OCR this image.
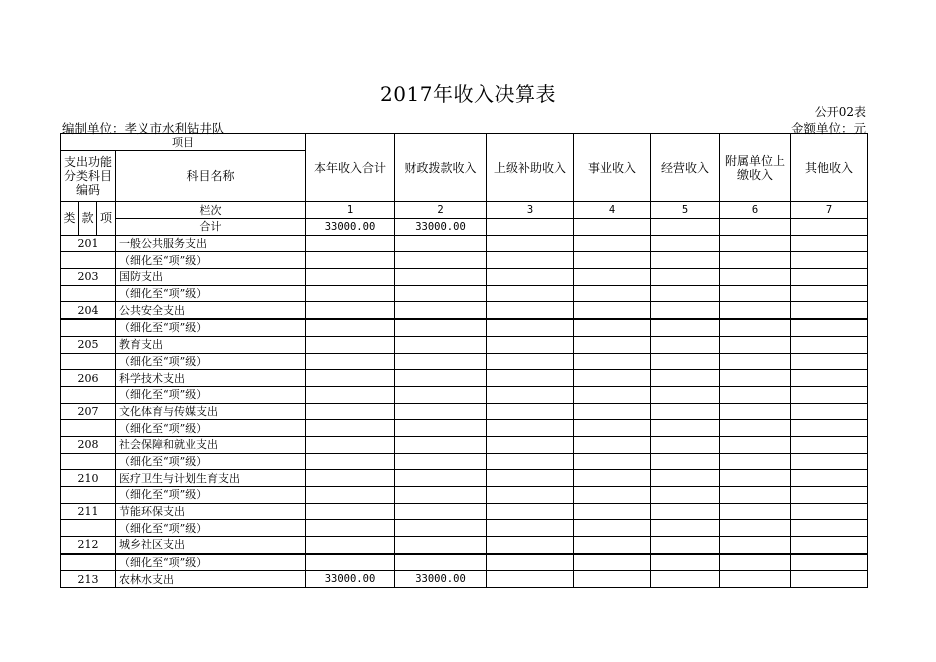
2017年收入决算表
公开02表
编制单位：孝义市水利钻井队	金额单位：元
项目				本年收入合计	财政拨款收入	上级补助收入	事业收入	经营收入	附属单位上缴收入	其他收入
支出功能分类科目编码			科目名称							
类	款	项	栏次	1	2	3	4	5	6	7
			合计	33000.00	33000.00					
201			一般公共服务支出							
			（细化至“项”级）							
203			国防支出							
			（细化至“项”级）							
204			公共安全支出							
			（细化至“项”级）							
205			教育支出							
			（细化至“项”级）							
206			科学技术支出							
			（细化至“项”级）							
207			文化体育与传媒支出							
			（细化至“项”级）							
208			社会保障和就业支出							
			（细化至“项”级）							
210			医疗卫生与计划生育支出							
			（细化至“项”级）							
211			节能环保支出							
			（细化至“项”级）							
212			城乡社区支出							
			（细化至“项”级）							
213			农林水支出	33000.00	33000.00					
